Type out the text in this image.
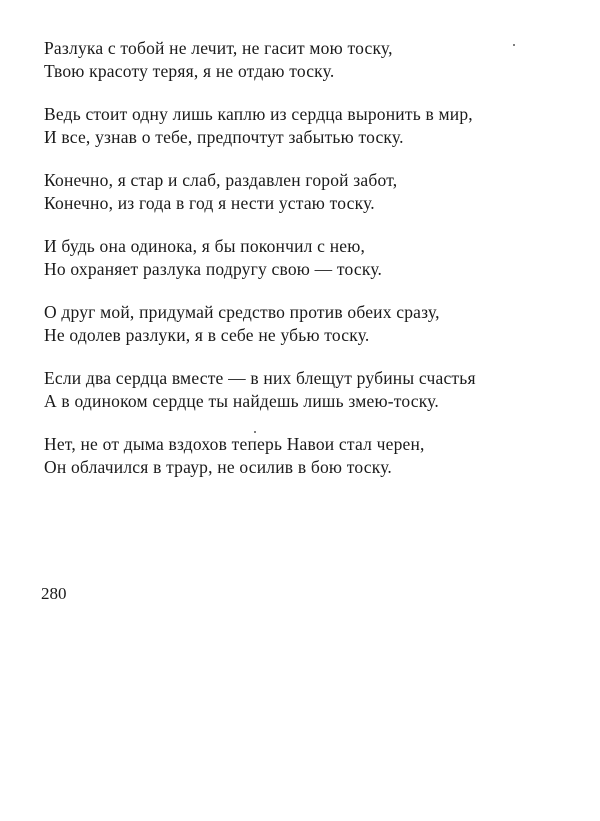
Разлука с тобой не лечит, не гасит мою тоску,
Твою красоту теряя, я не отдаю тоску.
Ведь стоит одну лишь каплю из сердца выронить в мир,
И все, узнав о тебе, предпочтут забытью тоску.
Конечно, я стар и слаб, раздавлен горой забот,
Конечно, из года в год я нести устаю тоску.
И будь она одинока, я бы покончил с нею,
Но охраняет разлука подругу свою — тоску.
О друг мой, придумай средство против обеих сразу,
Не одолев разлуки, я в себе не убью тоску.
Если два сердца вместе — в них блещут рубины счастья
А в одиноком сердце ты найдешь лишь змею-тоску.
Нет, не от дыма вздохов теперь Навои стал черен,
Он облачился в траур, не осилив в бою тоску.
280
